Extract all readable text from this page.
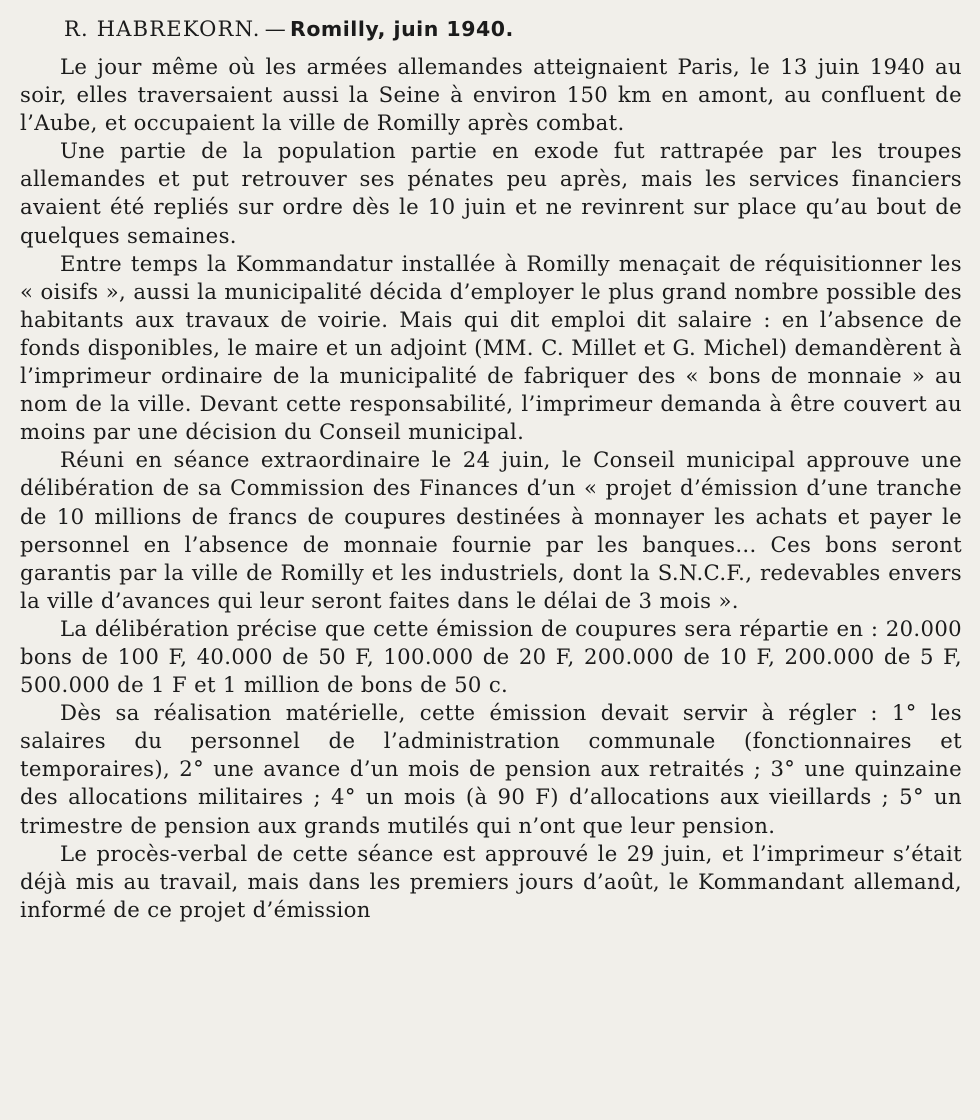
R. HABREKORN. — Romilly, juin 1940.

Le jour même où les armées allemandes atteignaient Paris, le 13 juin 1940 au soir, elles traversaient aussi la Seine à environ 150 km en amont, au confluent de l’Aube, et occupaient la ville de Romilly après combat.

Une partie de la population partie en exode fut rattrapée par les troupes allemandes et put retrouver ses pénates peu après, mais les services financiers avaient été repliés sur ordre dès le 10 juin et ne revinrent sur place qu’au bout de quelques semaines.

Entre temps la Kommandatur installée à Romilly menaçait de réquisitionner les « oisifs », aussi la municipalité décida d’employer le plus grand nombre possible des habitants aux travaux de voirie. Mais qui dit emploi dit salaire : en l’absence de fonds disponibles, le maire et un adjoint (MM. C. Millet et G. Michel) demandèrent à l’imprimeur ordinaire de la municipalité de fabriquer des « bons de monnaie » au nom de la ville. Devant cette responsabilité, l’imprimeur demanda à être couvert au moins par une décision du Conseil municipal.

Réuni en séance extraordinaire le 24 juin, le Conseil municipal approuve une délibération de sa Commission des Finances d’un « projet d’émission d’une tranche de 10 millions de francs de coupures destinées à monnayer les achats et payer le personnel en l’absence de monnaie fournie par les banques... Ces bons seront garantis par la ville de Romilly et les industriels, dont la S.N.C.F., redevables envers la ville d’avances qui leur seront faites dans le délai de 3 mois ».

La délibération précise que cette émission de coupures sera répartie en : 20.000 bons de 100 F, 40.000 de 50 F, 100.000 de 20 F, 200.000 de 10 F, 200.000 de 5 F, 500.000 de 1 F et 1 million de bons de 50 c.

Dès sa réalisation matérielle, cette émission devait servir à régler : 1° les salaires du personnel de l’administration communale (fonctionnaires et temporaires), 2° une avance d’un mois de pension aux retraités ; 3° une quinzaine des allocations militaires ; 4° un mois (à 90 F) d’allocations aux vieillards ; 5° un trimestre de pension aux grands mutilés qui n’ont que leur pension.

Le procès-verbal de cette séance est approuvé le 29 juin, et l’imprimeur s’était déjà mis au travail, mais dans les premiers jours d’août, le Kommandant allemand, informé de ce projet d’émission
